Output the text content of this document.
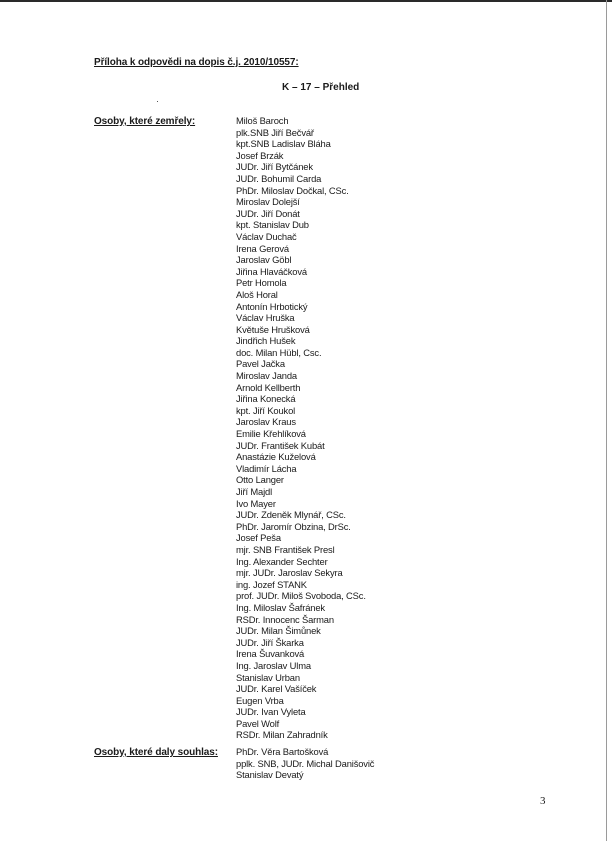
Příloha k odpovědi na dopis č.j. 2010/10557:
K – 17 – Přehled
Osoby, které zemřely:	Miloš Baroch
plk.SNB Jiří Bečvář
kpt.SNB Ladislav Bláha
Josef Brzák
JUDr. Jiří Bytčánek
JUDr. Bohumil Carda
PhDr. Miloslav Dočkal, CSc.
Miroslav Dolejší
JUDr. Jiří Donát
kpt. Stanislav Dub
Václav Duchač
Irena Gerová
Jaroslav Göbl
Jiřina Hlaváčková
Petr Homola
Aloš Horal
Antonín Hrbotický
Václav Hruška
Květuše Hrušková
Jindřich Hušek
doc. Milan Hübl, Csc.
Pavel Jačka
Miroslav Janda
Arnold Kellberth
Jiřina Konecká
kpt. Jiří Koukol
Jaroslav Kraus
Emilie Křehlíková
JUDr. František Kubát
Anastázie Kuželová
Vladimír Lácha
Otto Langer
Jiří Majdl
Ivo Mayer
JUDr. Zdeněk Mlynář, CSc.
PhDr. Jaromír Obzina, DrSc.
Josef Peša
mjr. SNB František Presl
Ing. Alexander Sechter
mjr. JUDr. Jaroslav Sekyra
ing. Jozef STANK
prof. JUDr. Miloš Svoboda, CSc.
Ing. Miloslav Šafránek
RSDr. Innocenc Šarman
JUDr. Milan Šimůnek
JUDr. Jiří Škarka
Irena Šuvanková
Ing. Jaroslav Ulma
Stanislav Urban
JUDr. Karel Vašíček
Eugen Vrba
JUDr. Ivan Vyleta
Pavel Wolf
RSDr. Milan Zahradník
Osoby, které daly souhlas: PhDr. Věra Bartošková
pplk. SNB, JUDr. Michal Danišovič
Stanislav Devatý
3
